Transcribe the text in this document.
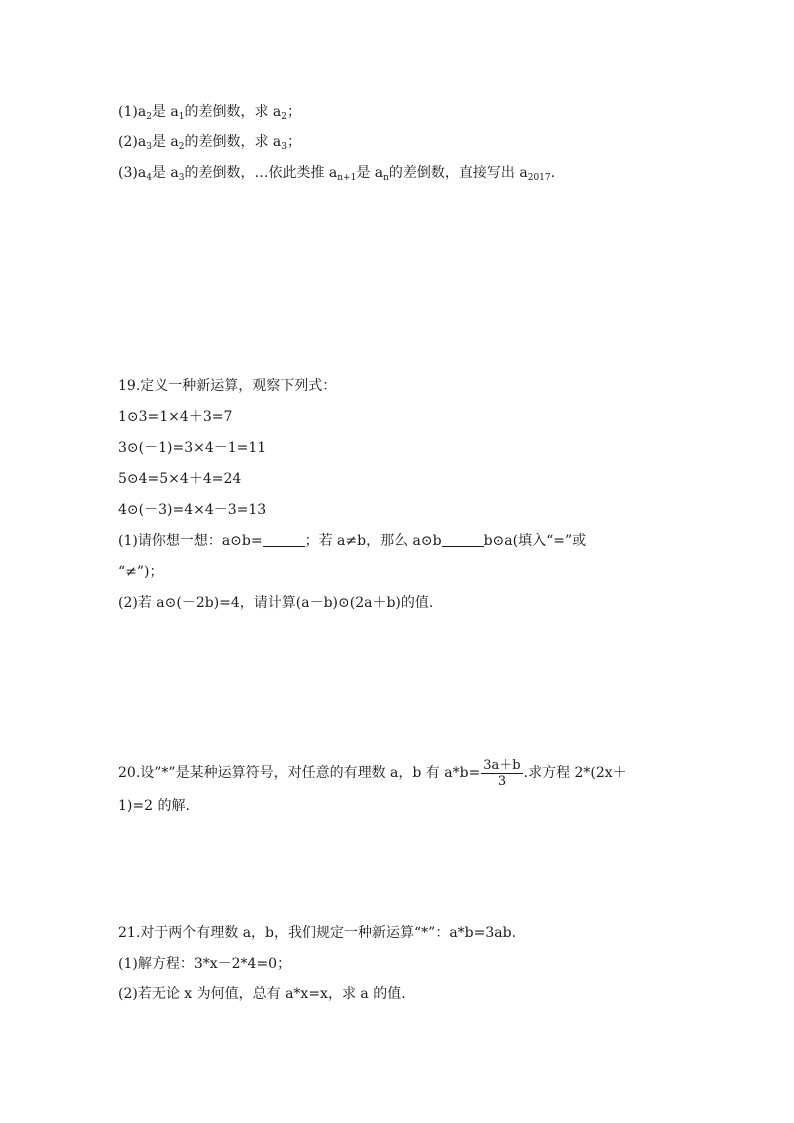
$(1)a_2$是 $a_1$的差倒数，求 $a_2$；
$(2)a_3$是 $a_2$的差倒数，求 $a_3$；
$(3)a_4$是 $a_3$的差倒数，…依此类推 $a_{n+1}$是 $a_n$的差倒数，直接写出 $a_{2017}$.
19.定义一种新运算，观察下列式：
1⊙3=1×4＋3=7
3⊙(－1)=3×4－1=11
5⊙4=5×4＋4=24
4⊙(－3)=4×4－3=13
(1)请你想一想：a⊙b=	；若 a≠b，那么 a⊙b	b⊙a(填入“=”或
“≠”)；
(2)若 a⊙(－2b)=4，请计算(a－b)⊙(2a＋b)的值.
20.设”*”是某种运算符号，对任意的有理数 a，b 有 $a*b= \frac{3a+b}{3}$ .求方程 2*(2x＋
1)=2 的解.
21.对于两个有理数 a，b，我们规定一种新运算“*”：a*b=3ab.
(1)解方程：3*x－2*4=0；
(2)若无论 x 为何值，总有 a*x=x，求 a 的值.
